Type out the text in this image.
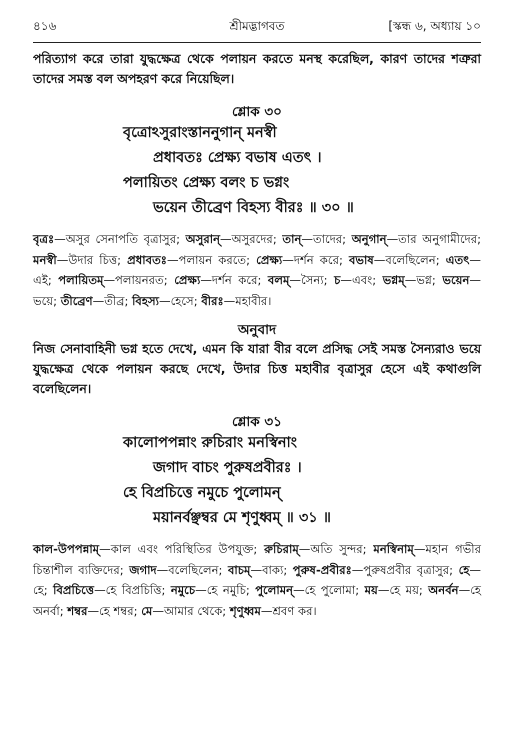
৪১৬	শ্রীমদ্ভাগবত	[স্কন্ধ ৬, অধ্যায় ১০
পরিত্যাগ করে তারা যুদ্ধক্ষেত্র থেকে পলায়ন করতে মনস্থ করেছিল, কারণ তাদের শত্রুরা তাদের সমস্ত বল অপহরণ করে নিয়েছিল।
শ্লোক ৩০
বৃত্রোঽসুরাংস্তাননুগান্ মনস্বী
প্রধাবতঃ প্রেক্ষ্য বভাষ এতৎ ।
পলায়িতং প্রেক্ষ্য বলং চ ভগ্নং
ভয়েন তীব্রেণ বিহস্য বীরঃ ॥ ৩০ ॥
বৃত্রঃ—অসুর সেনাপতি বৃত্রাসুর; অসুরান্—অসুরদের; তান্—তাদের; অনুগান্—তার অনুগামীদের; মনস্বী—উদার চিত্ত; প্রধাবতঃ—পলায়ন করতে; প্রেক্ষ্য—দর্শন করে; বভাষ—বলেছিলেন; এতৎ—এই; পলায়িতম্—পলায়নরত; প্রেক্ষ্য—দর্শন করে; বলম্—সৈন্য; চ—এবং; ভগ্নম্—ভগ্ন; ভয়েন—ভয়ে; তীব্রেণ—তীব্র; বিহস্য—হেসে; বীরঃ—মহাবীর।
অনুবাদ
নিজ সেনাবাহিনী ভগ্ন হতে দেখে, এমন কি যারা বীর বলে প্রসিদ্ধ সেই সমস্ত সৈন্যরাও ভয়ে যুদ্ধক্ষেত্র থেকে পলায়ন করছে দেখে, উদার চিত্ত মহাবীর বৃত্রাসুর হেসে এই কথাগুলি বলেছিলেন।
শ্লোক ৩১
কালোপপন্নাং রুচিরাং মনস্বিনাং
জগাদ বাচং পুরুষপ্রবীরঃ ।
হে বিপ্রচিত্তে নমুচে পুলোমন্
ময়ানর্বঞ্ছম্বর মে শৃণুধ্বম্ ॥ ৩১ ॥
কাল-উপপন্নাম্—কাল এবং পরিস্থিতির উপযুক্ত; রুচিরাম্—অতি সুন্দর; মনস্বিনাম্—মহান গভীর চিন্তাশীল ব্যক্তিদের; জগাদ—বলেছিলেন; বাচম্—বাক্য; পুরুষ-প্রবীরঃ—পুরুষপ্রবীর বৃত্রাসুর; হে—হে; বিপ্রচিত্তে—হে বিপ্রচিত্তি; নমুচে—হে নমুচি; পুলোমন্—হে পুলোমা; ময়—হে ময়; অনর্বন—হে অনর্বা; শম্বর—হে শম্বর; মে—আমার থেকে; শৃণুধ্বম—শ্রবণ কর।
